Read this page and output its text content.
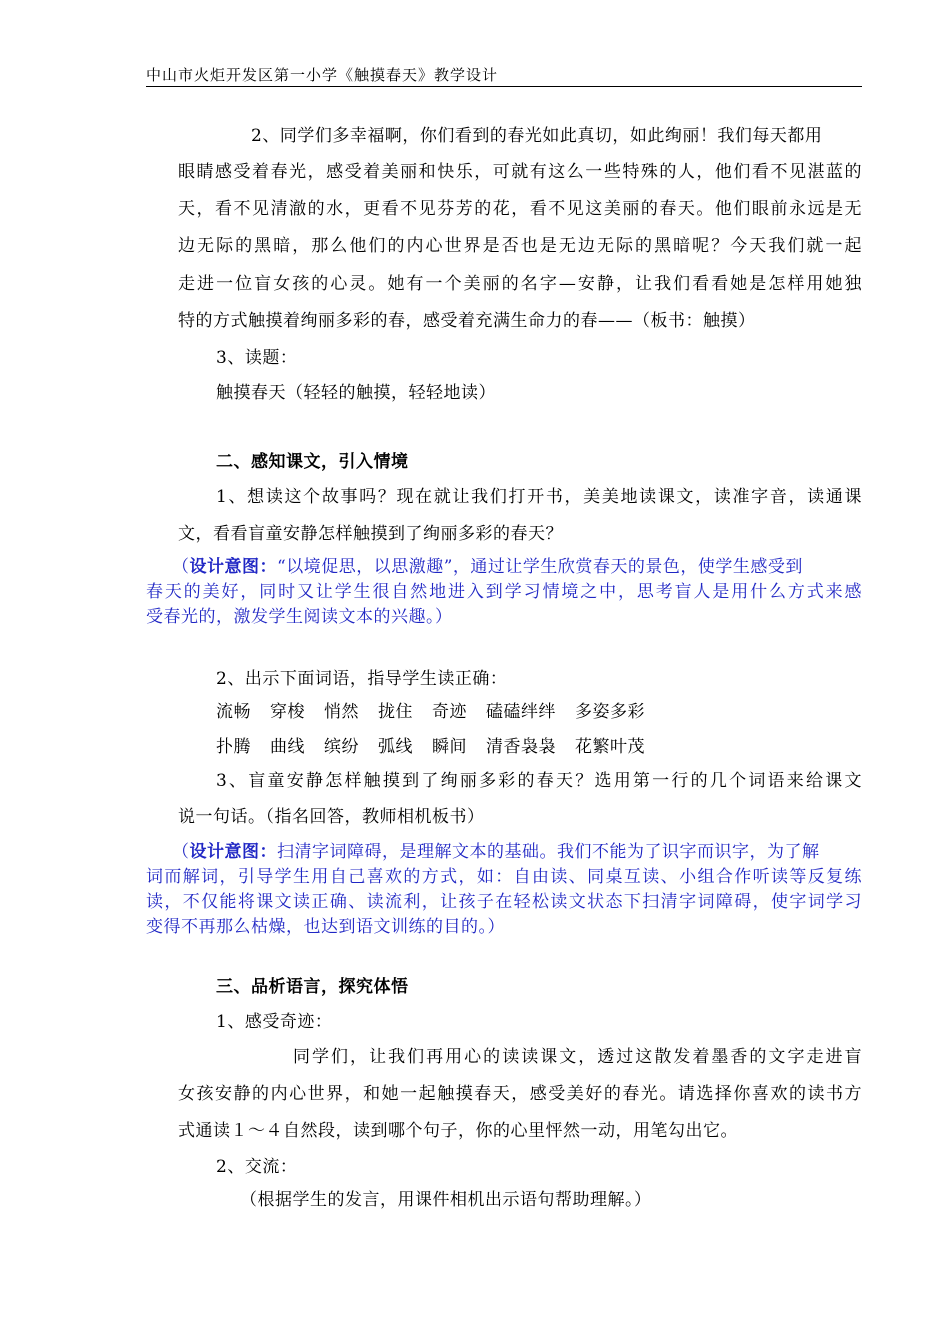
中山市火炬开发区第一小学《触摸春天》教学设计
2、同学们多幸福啊，你们看到的春光如此真切，如此绚丽！我们每天都用
眼睛感受着春光，感受着美丽和快乐，可就有这么一些特殊的人，他们看不见湛蓝的
天，看不见清澈的水，更看不见芬芳的花，看不见这美丽的春天。他们眼前永远是无
边无际的黑暗，那么他们的内心世界是否也是无边无际的黑暗呢？今天我们就一起
走进一位盲女孩的心灵。她有一个美丽的名字—安静，让我们看看她是怎样用她独
特的方式触摸着绚丽多彩的春，感受着充满生命力的春——（板书：触摸）
3、读题：
触摸春天（轻轻的触摸，轻轻地读）
二、感知课文，引入情境
1、想读这个故事吗？现在就让我们打开书，美美地读课文，读准字音，读通课
文，看看盲童安静怎样触摸到了绚丽多彩的春天？
（设计意图：“以境促思，以思激趣”，通过让学生欣赏春天的景色，使学生感受到
春天的美好，同时又让学生很自然地进入到学习情境之中，思考盲人是用什么方式来感
受春光的，激发学生阅读文本的兴趣。）
2、出示下面词语，指导学生读正确：
流畅 穿梭 悄然 拢住 奇迹 磕磕绊绊 多姿多彩
扑腾 曲线 缤纷 弧线 瞬间 清香袅袅 花繁叶茂
3、盲童安静怎样触摸到了绚丽多彩的春天？选用第一行的几个词语来给课文
说一句话。（指名回答，教师相机板书）
（设计意图：扫清字词障碍，是理解文本的基础。我们不能为了识字而识字，为了解
词而解词，引导学生用自己喜欢的方式，如：自由读、同桌互读、小组合作听读等反复练
读，不仅能将课文读正确、读流利，让孩子在轻松读文状态下扫清字词障碍，使字词学习
变得不再那么枯燥，也达到语文训练的目的。）
三、品析语言，探究体悟
1、感受奇迹：
同学们，让我们再用心的读读课文，透过这散发着墨香的文字走进盲
女孩安静的内心世界，和她一起触摸春天，感受美好的春光。请选择你喜欢的读书方
式通读１～４自然段，读到哪个句子，你的心里怦然一动，用笔勾出它。
2、交流：
（根据学生的发言，用课件相机出示语句帮助理解。）
